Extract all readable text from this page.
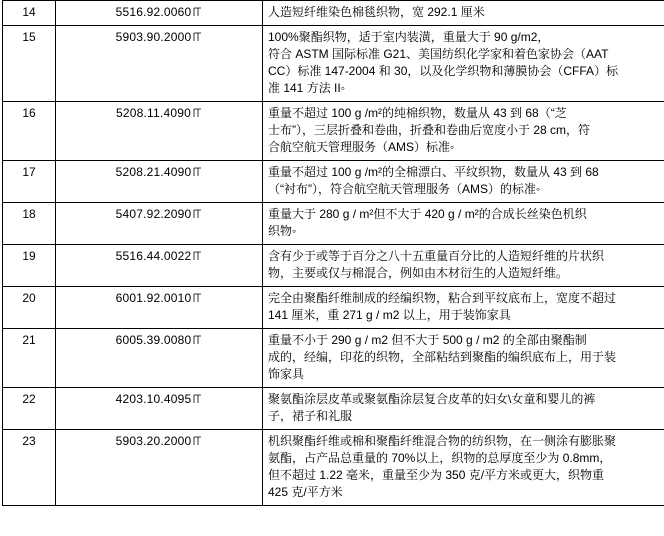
14	5516.92.0060	人造短纤维染色棉毯织物，宽 292.1 厘米

15	5903.90.2000	100%聚酯织物，适于室内装潢，重量大于 90 g/m2，
符合 ASTM 国际标准 G21、美国纺织化学家和着色家协会（AAT
CC）标准 147-2004 和 30，以及化学织物和薄膜协会（CFFA）标
准 141 方法 II◦

16	5208.11.4090	重量不超过 100 g /m²的纯棉织物，数量从 43 到 68（“芝
士布”），三层折叠和卷曲，折叠和卷曲后宽度小于 28 cm，符
合航空航天管理服务（AMS）标准◦

17	5208.21.4090	重量不超过 100 g /m²的全棉漂白、平纹织物，数量从 43 到 68
（“衬布”），符合航空航天管理服务（AMS）的标准◦

18	5407.92.2090	重量大于 280 g / m²但不大于 420 g / m²的合成长丝染色机织
织物◦

19	5516.44.0022	含有少于或等于百分之八十五重量百分比的人造短纤维的片状织
物，主要或仅与棉混合，例如由木材衍生的人造短纤维。

20	6001.92.0010	完全由聚酯纤维制成的经编织物，粘合到平纹底布上，宽度不超过
141 厘米，重 271 g / m2 以上，用于装饰家具

21	6005.39.0080	重量不小于 290 g / m2 但不大于 500 g / m2 的全部由聚酯制
成的，经编，印花的织物，全部粘结到聚酯的编织底布上，用于装
饰家具

22	4203.10.4095	聚氨酯涂层皮革或聚氨酯涂层复合皮革的妇女\女童和婴儿的裤
子，裙子和礼服

23	5903.20.2000	机织聚酯纤维或棉和聚酯纤维混合物的纺织物，在一侧涂有膨胀聚
氨酯，占产品总重量的 70%以上，织物的总厚度至少为 0.8mm，
但不超过 1.22 毫米，重量至少为 350 克/平方米或更大，织物重
425 克/平方米
